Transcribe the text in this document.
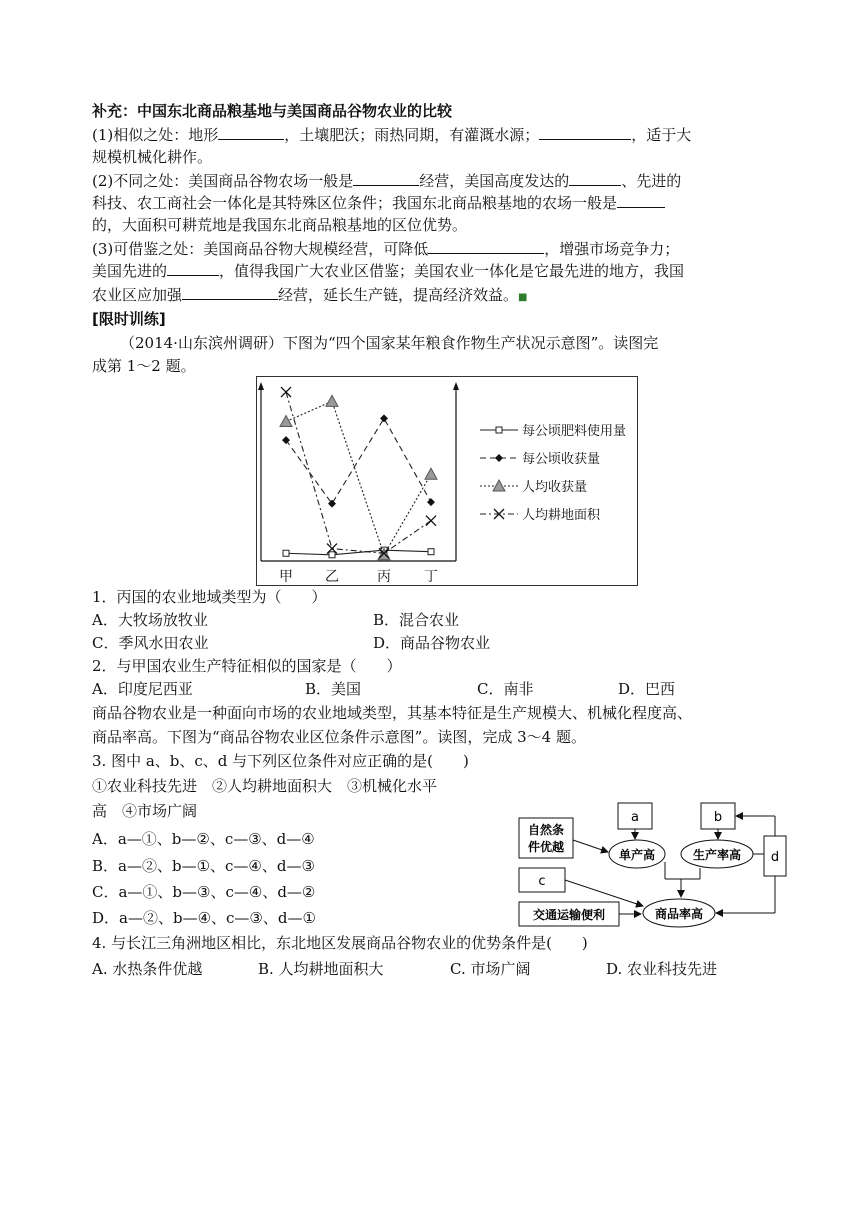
补充：中国东北商品粮基地与美国商品谷物农业的比较
(1)相似之处：地形	，土壤肥沃；雨热同期，有灌溉水源；	，适于大
规模机械化耕作。
(2)不同之处：美国商品谷物农场一般是	经营，美国高度发达的	、先进的
科技、农工商社会一体化是其特殊区位条件；我国东北商品粮基地的农场一般是
的，大面积可耕荒地是我国东北商品粮基地的区位优势。
(3)可借鉴之处：美国商品谷物大规模经营，可降低	，增强市场竞争力；
美国先进的	，值得我国广大农业区借鉴；美国农业一体化是它最先进的地方，我国
农业区应加强	经营，延长生产链，提高经济效益。■
[限时训练]
（2014·山东滨州调研）下图为“四个国家某年粮食作物生产状况示意图”。读图完
成第 1～2 题。
甲 乙	丙 丁
每公顷肥料使用量
每公顷收获量
人均收获量
人均耕地面积
1．丙国的农业地域类型为（　　）
A．大牧场放牧业	B．混合农业
C．季风水田农业	D．商品谷物农业
2．与甲国农业生产特征相似的国家是（　　）
A．印度尼西亚	B．美国	C．南非	D．巴西
商品谷物农业是一种面向市场的农业地域类型，其基本特征是生产规模大、机械化程度高、
商品率高。下图为“商品谷物农业区位条件示意图”。读图，完成 3～4 题。
3. 图中 a、b、c、d 与下列区位条件对应正确的是(　　)
①农业科技先进　②人均耕地面积大　③机械化水平
高　④市场广阔
A．a—①、b—②、c—③、d—④
B．a—②、b—①、c—④、d—③
C．a—①、b—③、c—④、d—②
D．a—②、b—④、c—③、d—①
a	b
自然条
件优越
单产高	生产率高 d
c
交通运输便利	商品率高
4. 与长江三角洲地区相比，东北地区发展商品谷物农业的优势条件是(　　)
A. 水热条件优越	B. 人均耕地面积大	C. 市场广阔	D. 农业科技先进
